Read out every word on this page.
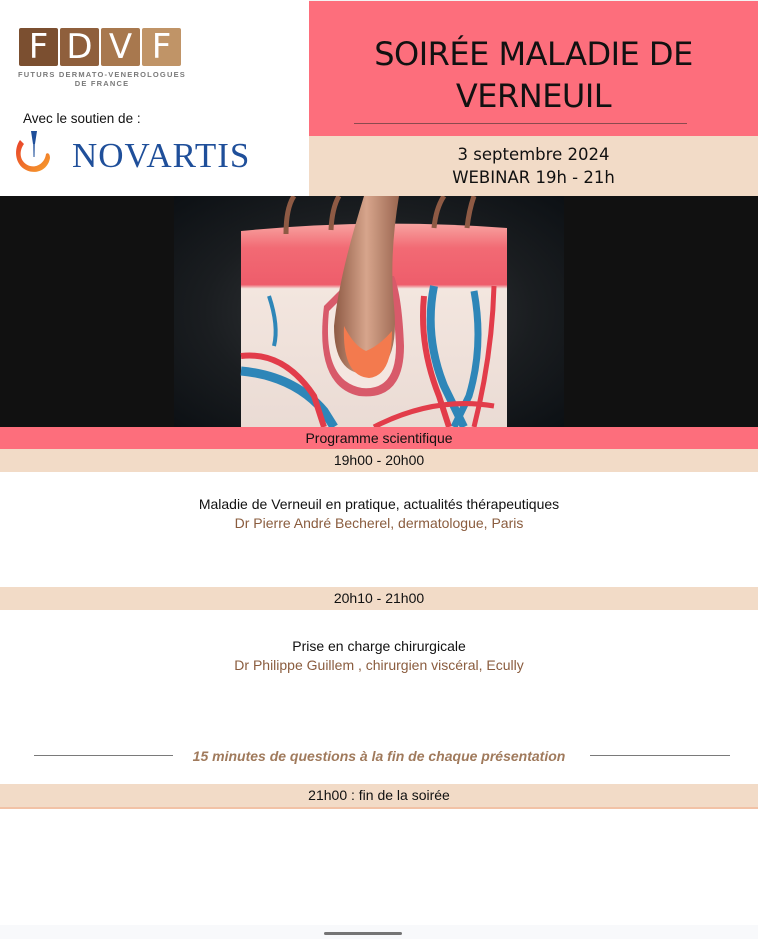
F D V F
FUTURS DERMATO-VENEROLOGUES
DE FRANCE
Avec le soutien de :
NOVARTIS
SOIRÉE MALADIE DE
VERNEUIL
3 septembre 2024
WEBINAR 19h - 21h
Programme scientifique
19h00 - 20h00
Maladie de Verneuil en pratique, actualités thérapeutiques
Dr Pierre André Becherel, dermatologue, Paris
20h10 - 21h00
Prise en charge chirurgicale
Dr Philippe Guillem , chirurgien viscéral, Ecully
15 minutes de questions à la fin de chaque présentation
21h00 : fin de la soirée
